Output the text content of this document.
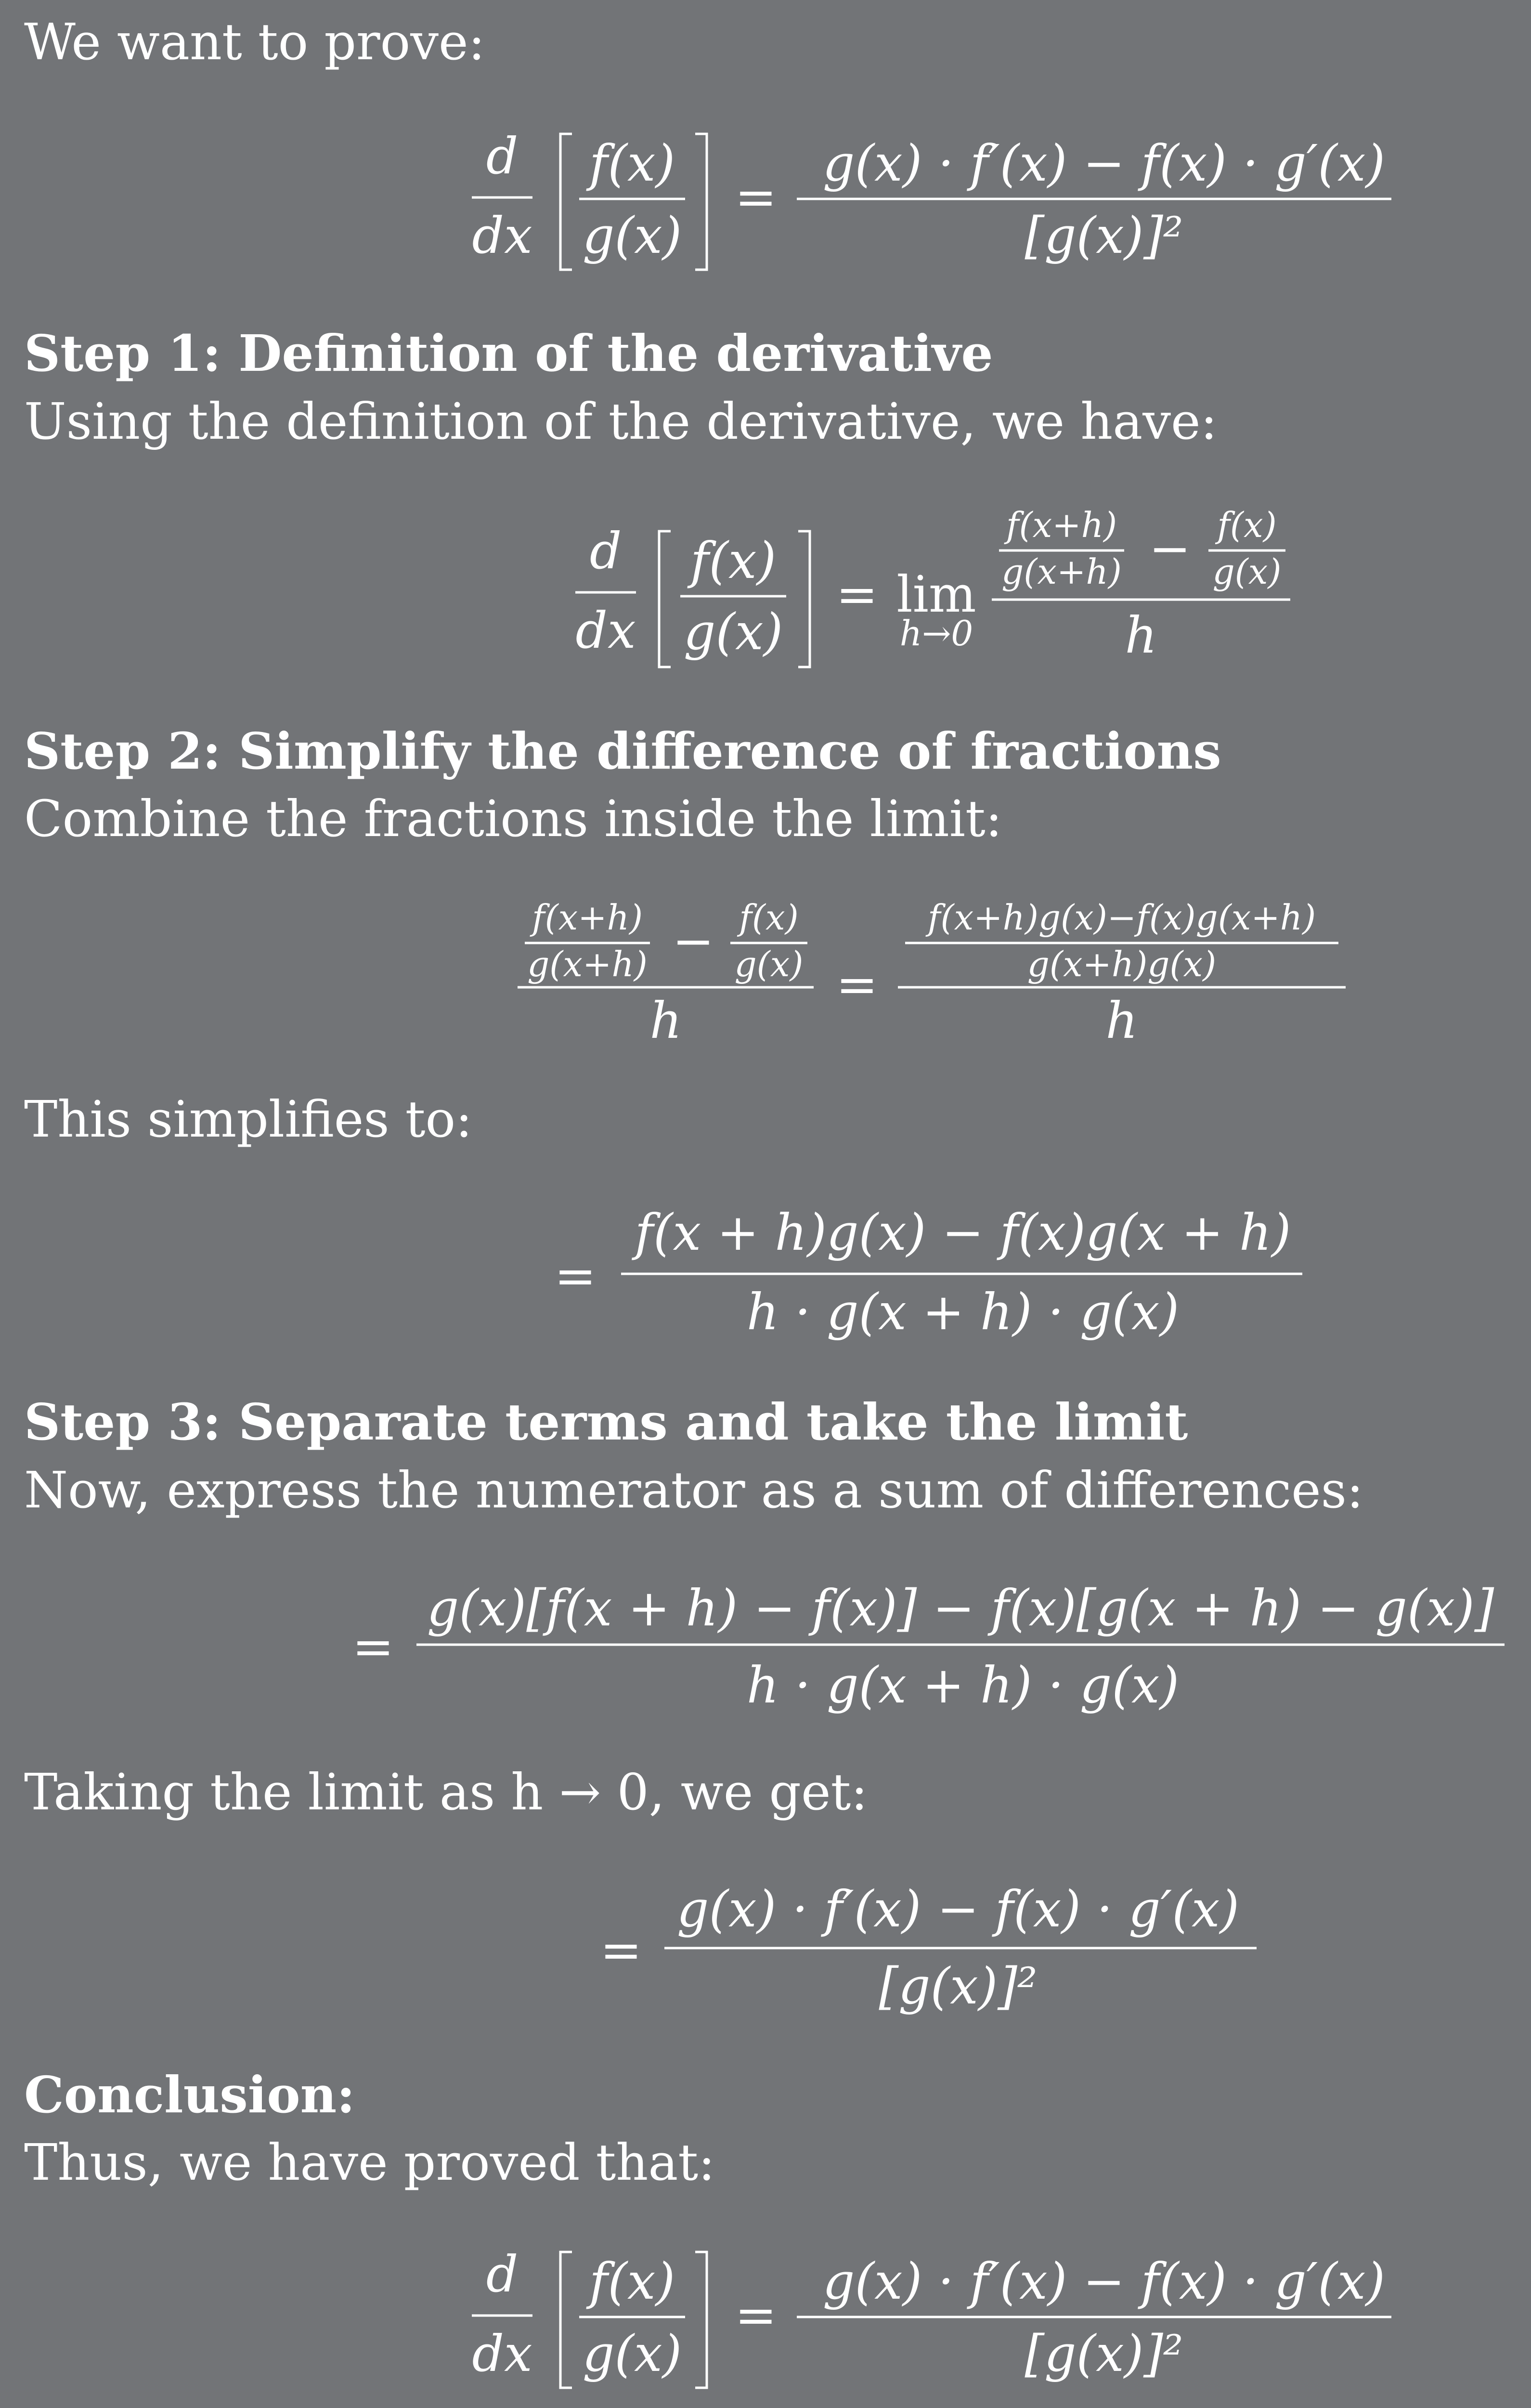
We want to prove:
Step 1: Definition of the derivative
Using the definition of the derivative, we have:
Step 2: Simplify the difference of fractions
Combine the fractions inside the limit:
This simplifies to:
Step 3: Separate terms and take the limit
Now, express the numerator as a sum of differences:
Taking the limit as h → 0, we get:
Conclusion:
Thus, we have proved that:
d
dx
f(x)
g(x)
=
g(x) · f′(x) − f(x) · g′(x)
[g(x)]²
d
dx
f(x)
g(x)
= lim
h→0
f(x+h)
g(x+h) − f(x)
g(x)
h
f(x+h)
g(x+h) − f(x)
g(x)
h
=
f(x+h)g(x)−f(x)g(x+h)
g(x+h)g(x)
h
=
f(x + h)g(x) − f(x)g(x + h)
h · g(x + h) · g(x)
=
g(x)[f(x + h) − f(x)] − f(x)[g(x + h) − g(x)]
h · g(x + h) · g(x)
=
g(x) · f′(x) − f(x) · g′(x)
[g(x)]²
d
dx
f(x)
g(x)
=
g(x) · f′(x) − f(x) · g′(x)
[g(x)]²
